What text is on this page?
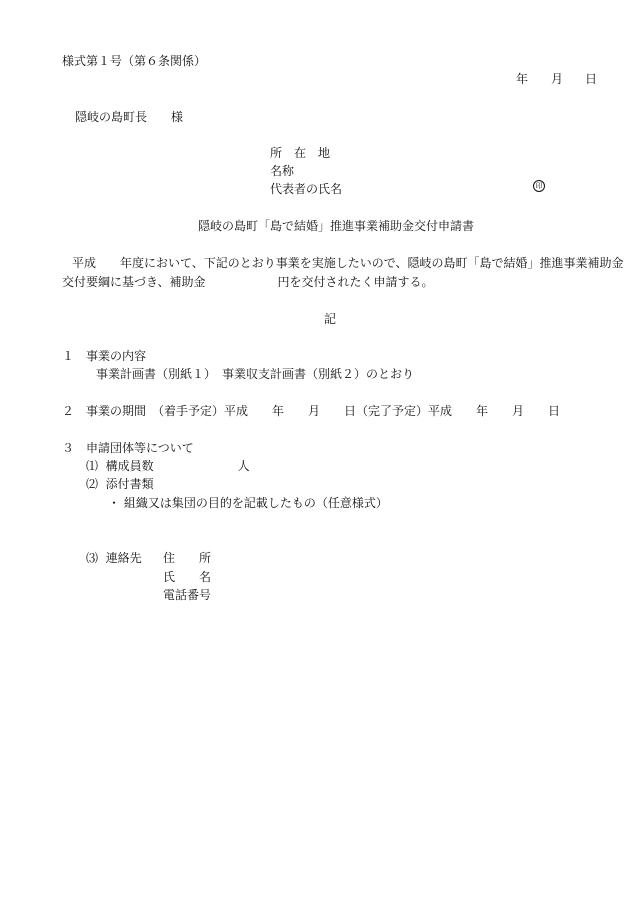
様式第１号（第６条関係）

年 月 日

隠岐の島町長　　様

所　在　地

名称

代表者の氏名	印

隠岐の島町「島で結婚」推進事業補助金交付申請書

平成　　年度において、下記のとおり事業を実施したいので、隠岐の島町「島で結婚」推進事業補助金

交付要綱に基づき、補助金　　　　　　円を交付されたく申請する。

記

１　事業の内容

事業計画書（別紙１）　事業収支計画書（別紙２）のとおり

２　事業の期間　（着手予定）平成　　年　　月　　日（完了予定）平成　　年　　月　　日

３　申請団体等について

⑴  構成員数　　　　　　　人

⑵  添付書類

・ 組織又は集団の目的を記載したもの（任意様式）

⑶  連絡先 住　　所

氏　　名

電話番号
